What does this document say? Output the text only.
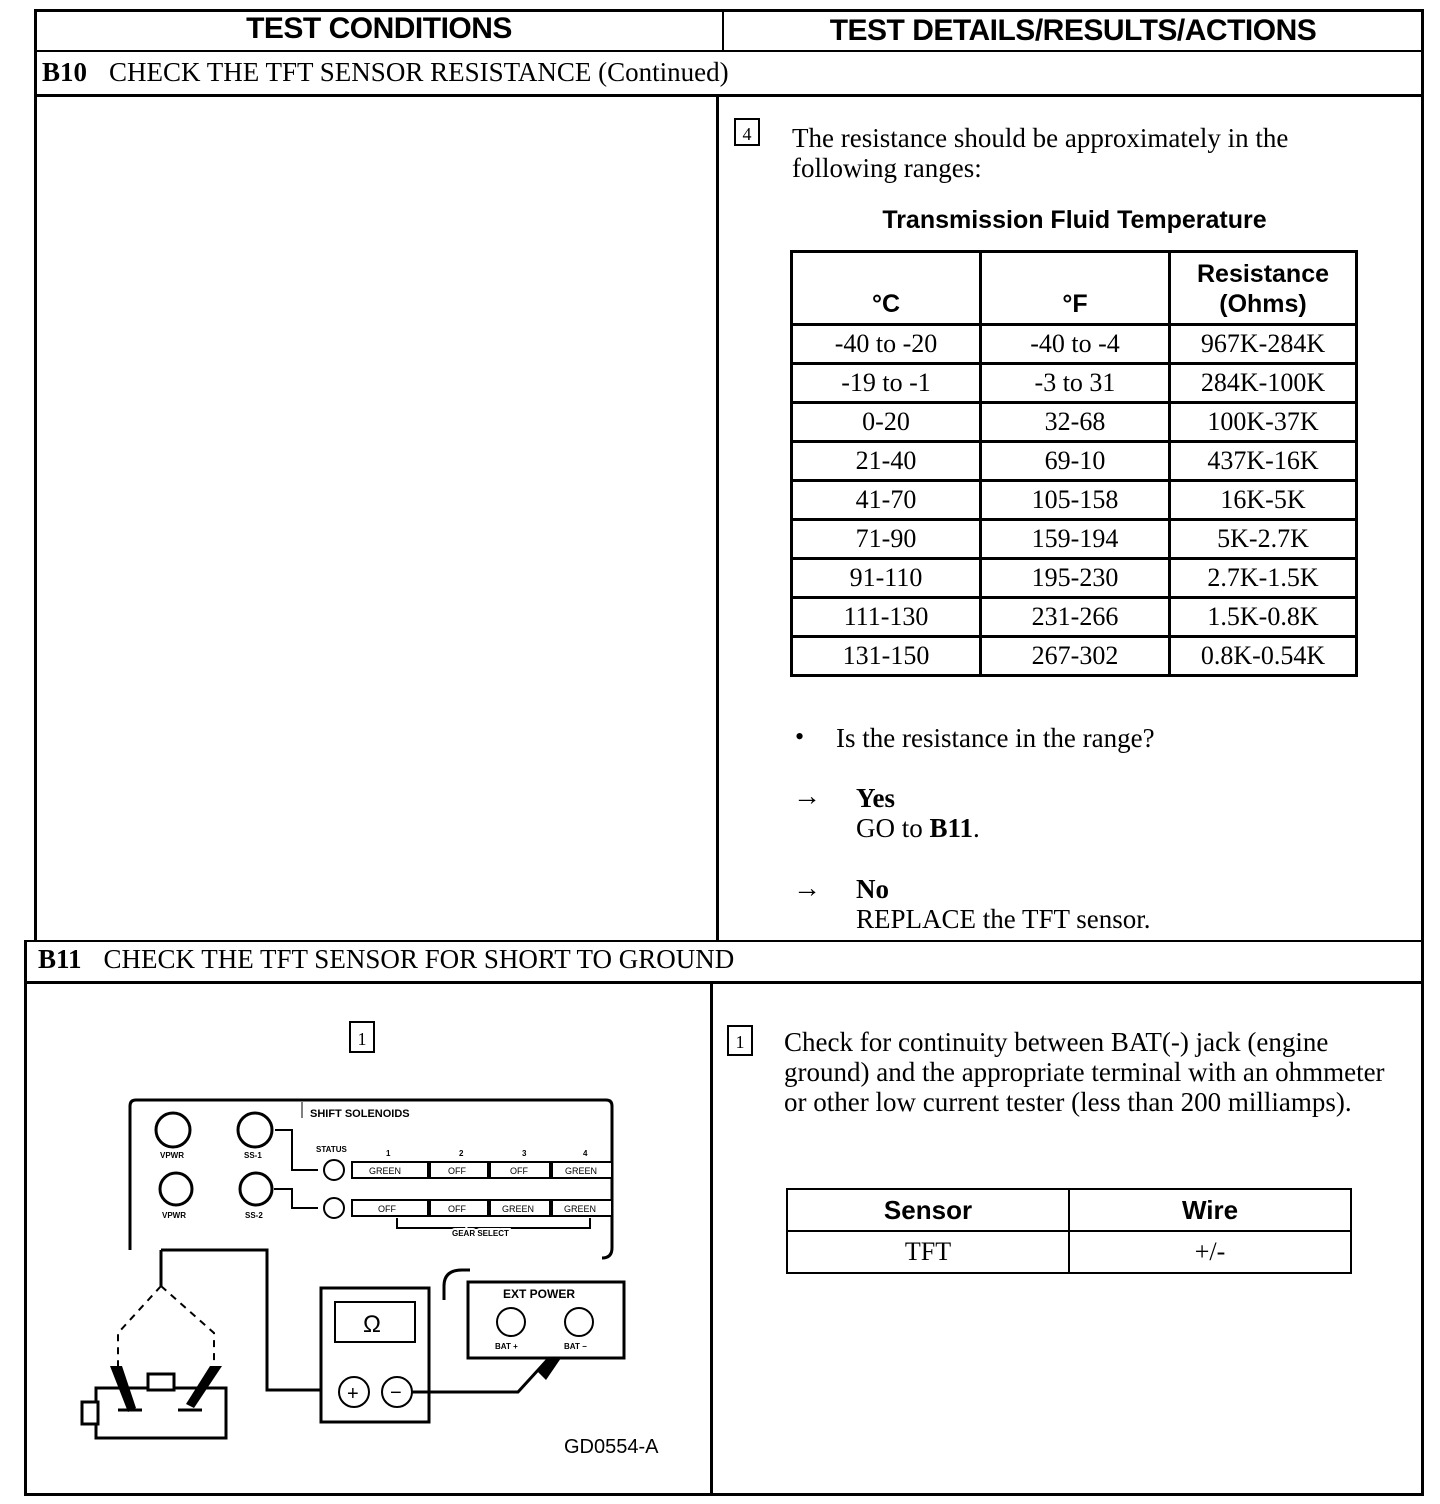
TEST CONDITIONS	TEST DETAILS/RESULTS/ACTIONS
B10 CHECK THE TFT SENSOR RESISTANCE (Continued)
4	The resistance should be approximately in the following ranges:
Transmission Fluid Temperature
°C	°F	Resistance (Ohms)
-40 to -20	-40 to -4	967K-284K
-19 to -1	-3 to 31	284K-100K
0-20	32-68	100K-37K
21-40	69-10	437K-16K
41-70	105-158	16K-5K
71-90	159-194	5K-2.7K
91-110	195-230	2.7K-1.5K
111-130	231-266	1.5K-0.8K
131-150	267-302	0.8K-0.54K
• Is the resistance in the range?
→ Yes
GO to B11.
→ No
REPLACE the TFT sensor.
B11 CHECK THE TFT SENSOR FOR SHORT TO GROUND
1
SHIFT SOLENOIDS
VPWR	SS-1
VPWR	SS-2
STATUS	1	2	3	4
GREEN	OFF	OFF	GREEN
OFF	OFF	GREEN	GREEN
GEAR SELECT
Ω
+ −
EXT POWER
BAT +	BAT −
GD0554-A
1	Check for continuity between BAT(-) jack (engine ground) and the appropriate terminal with an ohmmeter or other low current tester (less than 200 milliamps).
Sensor	Wire
TFT	+/-
